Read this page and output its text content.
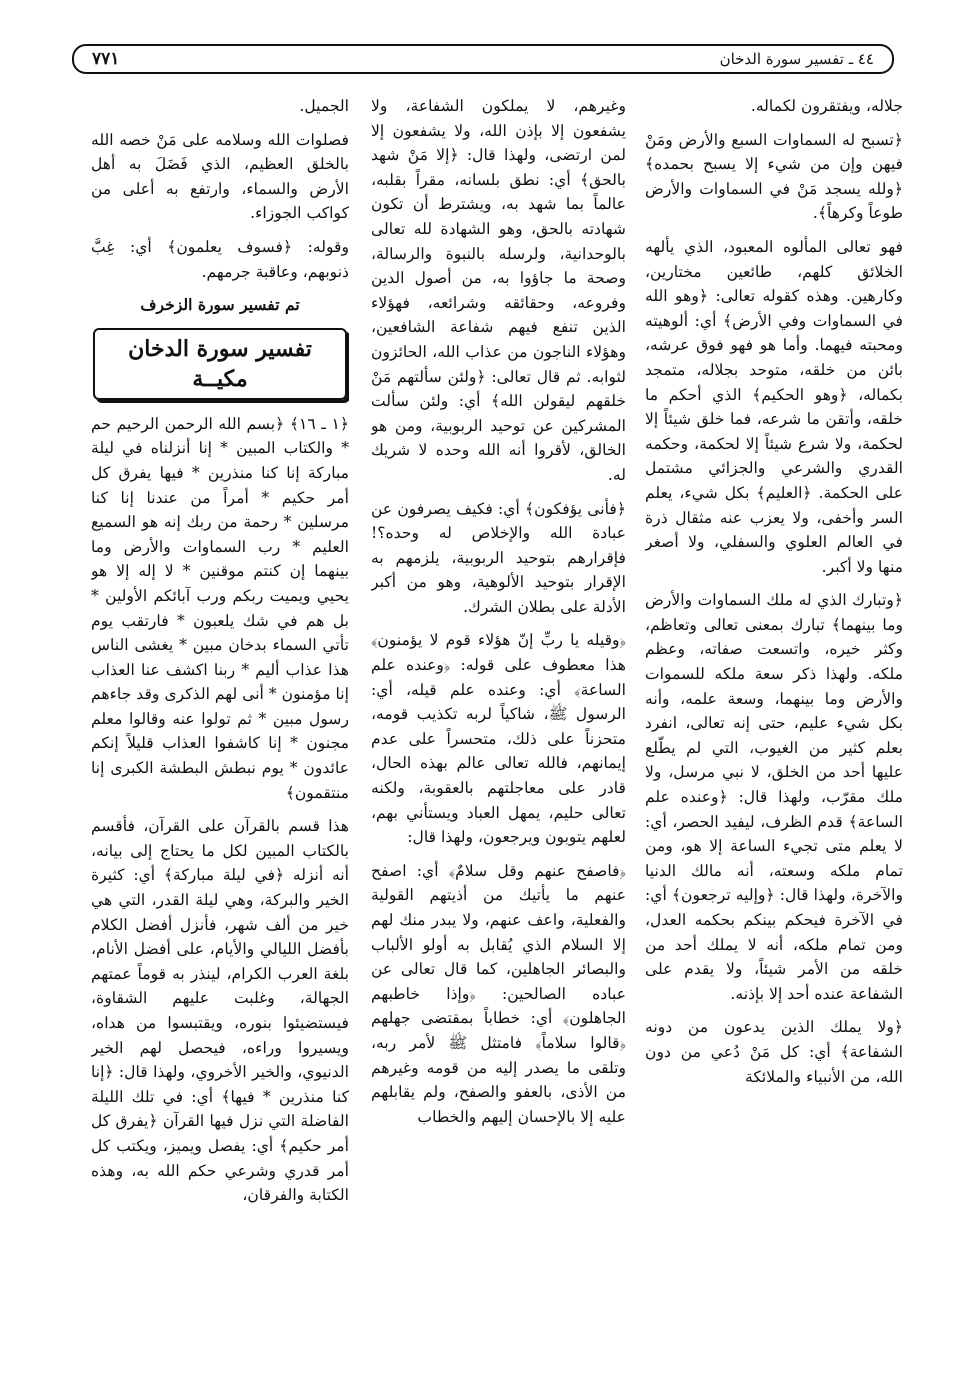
٧٧١	٤٤ ـ تفسير سورة الدخان

جلاله، ويفتقرون لكماله.

﴿تسبح له السماوات السبع والأرض ومَنْ فيهن وإن من شيء إلا يسبح بحمده﴾ ﴿ولله يسجد مَنْ في السماوات والأرض طوعاً وكرهاً﴾.

فهو تعالى المألوه المعبود، الذي يألهه الخلائق كلهم، طائعين مختارين، وكارهين. وهذه كقوله تعالى: ﴿وهو الله في السماوات وفي الأرض﴾ أي: ألوهيته ومحبته فيهما. وأما هو فهو فوق عرشه، بائن من خلقه، متوحد بجلاله، متمجد بكماله، ﴿وهو الحكيم﴾ الذي أحكم ما خلقه، وأتقن ما شرعه، فما خلق شيئاً إلا لحكمة، ولا شرع شيئاً إلا لحكمة، وحكمه القدري والشرعي والجزائي مشتمل على الحكمة. ﴿العليم﴾ بكل شيء، يعلم السر وأخفى، ولا يعزب عنه مثقال ذرة في العالم العلوي والسفلي، ولا أصغر منها ولا أكبر.

﴿وتبارك الذي له ملك السماوات والأرض وما بينهما﴾ تبارك بمعنى تعالى وتعاظم، وكثر خيره، واتسعت صفاته، وعظم ملكه. ولهذا ذكر سعة ملكه للسموات والأرض وما بينهما، وسعة علمه، وأنه بكل شيء عليم، حتى إنه تعالى، انفرد بعلم كثير من الغيوب، التي لم يطّلع عليها أحد من الخلق، لا نبي مرسل، ولا ملك مقرّب، ولهذا قال: ﴿وعنده علم الساعة﴾ قدم الظرف، ليفيد الحصر، أي: لا يعلم متى تجيء الساعة إلا هو، ومن تمام ملكه وسعته، أنه مالك الدنيا والآخرة، ولهذا قال: ﴿وإليه ترجعون﴾ أي: في الآخرة فيحكم بينكم بحكمه العدل، ومن تمام ملكه، أنه لا يملك أحد من خلقه من الأمر شيئاً، ولا يقدم على الشفاعة عنده أحد إلا بإذنه.

﴿ولا يملك الذين يدعون من دونه الشفاعة﴾ أي: كل مَنْ دُعي من دون الله، من الأنبياء والملائكة

وغيرهم، لا يملكون الشفاعة، ولا يشفعون إلا بإذن الله، ولا يشفعون إلا لمن ارتضى، ولهذا قال: ﴿إلا مَنْ شهد بالحق﴾ أي: نطق بلسانه، مقراً بقلبه، عالماً بما شهد به، ويشترط أن تكون شهادته بالحق، وهو الشهادة لله تعالى بالوحدانية، ولرسله بالنبوة والرسالة، وصحة ما جاؤوا به، من أصول الدين وفروعه، وحقائقه وشرائعه، فهؤلاء الذين تنفع فيهم شفاعة الشافعين، وهؤلاء الناجون من عذاب الله، الحائزون لثوابه. ثم قال تعالى: ﴿ولئن سألتهم مَنْ خلقهم ليقولن الله﴾ أي: ولئن سألت المشركين عن توحيد الربوبية، ومن هو الخالق، لأقروا أنه الله وحده لا شريك له.

﴿فأنى يؤفكون﴾ أي: فكيف يصرفون عن عبادة الله والإخلاص له وحده؟! فإقرارهم بتوحيد الربوبية، يلزمهم به الإقرار بتوحيد الألوهية، وهو من أكبر الأدلة على بطلان الشرك.

﴿وقيله يا ربِّ إنّ هؤلاء قوم لا يؤمنون﴾ هذا معطوف على قوله: ﴿وعنده علم الساعة﴾ أي: وعنده علم قيله، أي: الرسول ﷺ، شاكياً لربه تكذيب قومه، متحزناً على ذلك، متحسراً على عدم إيمانهم، فالله تعالى عالم بهذه الحال، قادر على معاجلتهم بالعقوبة، ولكنه تعالى حليم، يمهل العباد ويستأني بهم، لعلهم يتوبون ويرجعون، ولهذا قال:

﴿فاصفح عنهم وقل سلامٌ﴾ أي: اصفح عنهم ما يأتيك من أذيتهم القولية والفعلية، واعف عنهم، ولا يبدر منك لهم إلا السلام الذي يُقابل به أولو الألباب والبصائر الجاهلين، كما قال تعالى عن عباده الصالحين: ﴿وإذا خاطبهم الجاهلون﴾ أي: خطاباً بمقتضى جهلهم ﴿قالوا سلاماً﴾ فامتثل ﷺ لأمر ربه، وتلقى ما يصدر إليه من قومه وغيرهم من الأذى، بالعفو والصفح، ولم يقابلهم عليه إلا بالإحسان إليهم والخطاب

الجميل.

فصلوات الله وسلامه على مَنْ خصه الله بالخلق العظيم، الذي فَضَلَ به أهل الأرض والسماء، وارتفع به أعلى من كواكب الجوزاء.

وقوله: ﴿فسوف يعلمون﴾ أي: غِبَّ ذنوبهم، وعاقبة جرمهم.

تم تفسير سورة الزخرف
تفسير سورة الدخان
مكيــة

﴿١ ـ ١٦﴾ ﴿بسم الله الرحمن الرحيم حم * والكتاب المبين * إنا أنزلناه في ليلة مباركة إنا كنا منذرين * فيها يفرق كل أمر حكيم * أمراً من عندنا إنا كنا مرسلين * رحمة من ربك إنه هو السميع العليم * رب السماوات والأرض وما بينهما إن كنتم موقنين * لا إله إلا هو يحيي ويميت ربكم ورب آبائكم الأولين * بل هم في شك يلعبون * فارتقب يوم تأتي السماء بدخان مبين * يغشى الناس هذا عذاب أليم * ربنا اكشف عنا العذاب إنا مؤمنون * أنى لهم الذكرى وقد جاءهم رسول مبين * ثم تولوا عنه وقالوا معلم مجنون * إنا كاشفوا العذاب قليلاً إنكم عائدون * يوم نبطش البطشة الكبرى إنا منتقمون﴾

هذا قسم بالقرآن على القرآن، فأقسم بالكتاب المبين لكل ما يحتاج إلى بيانه، أنه أنزله ﴿في ليلة مباركة﴾ أي: كثيرة الخير والبركة، وهي ليلة القدر، التي هي خير من ألف شهر، فأنزل أفضل الكلام بأفضل الليالي والأيام، على أفضل الأنام، بلغة العرب الكرام، لينذر به قوماً عمتهم الجهالة، وغلبت عليهم الشقاوة، فيستضيئوا بنوره، ويقتبسوا من هداه، ويسيروا وراءه، فيحصل لهم الخير الدنيوي، والخير الأخروي، ولهذا قال: ﴿إنا كنا منذرين * فيها﴾ أي: في تلك الليلة الفاضلة التي نزل فيها القرآن ﴿يفرق كل أمر حكيم﴾ أي: يفصل ويميز، ويكتب كل أمر قدري وشرعي حكم الله به، وهذه الكتابة والفرقان،
